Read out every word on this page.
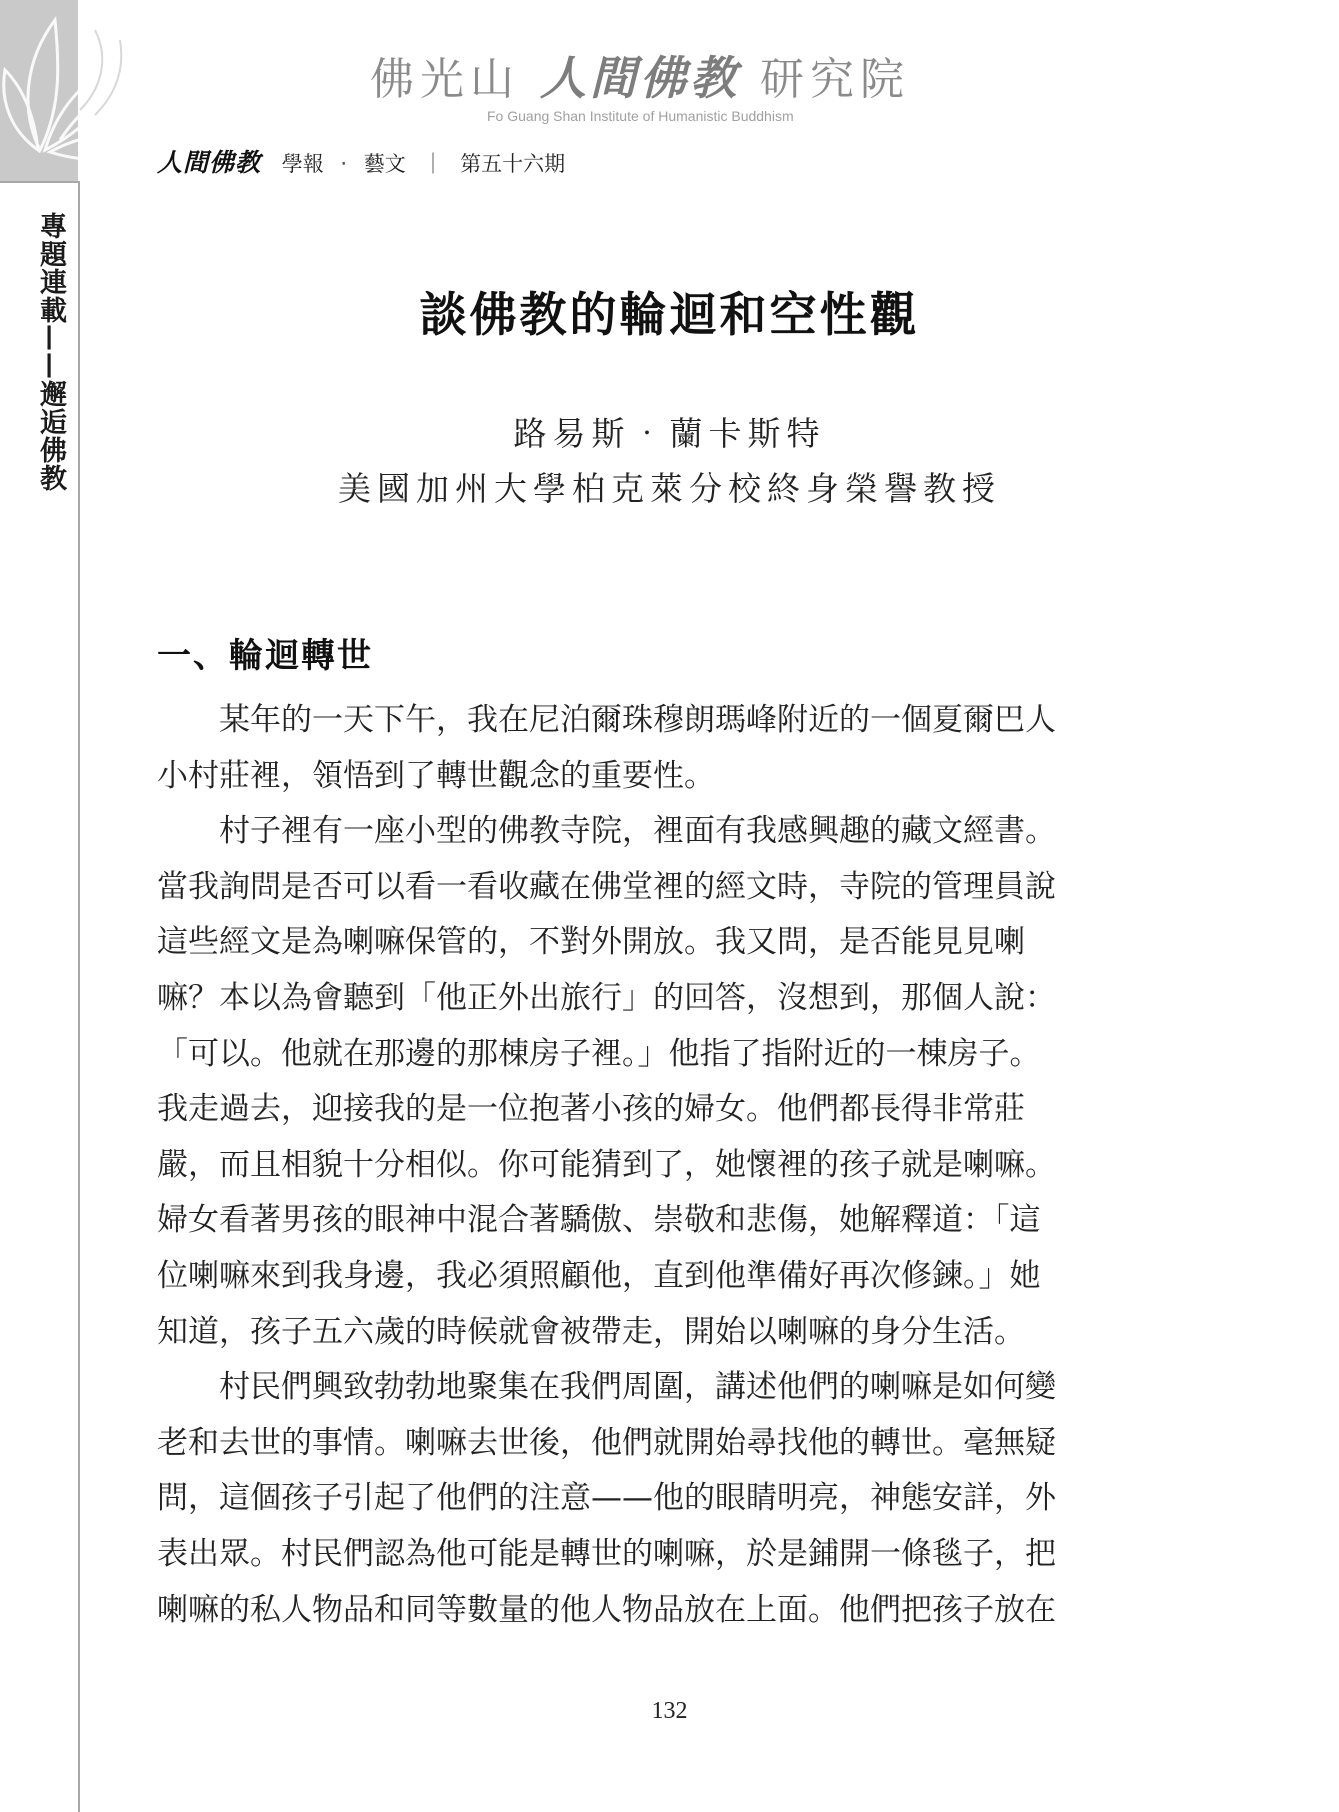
專題連載——邂逅佛教
佛光山 人間佛教 研究院
Fo Guang Shan Institute of Humanistic Buddhism
人間佛教 學報 ‧ 藝文 ｜ 第五十六期
談佛教的輪迴和空性觀
路易斯‧蘭卡斯特
美國加州大學柏克萊分校終身榮譽教授
一、輪迴轉世
某年的一天下午，我在尼泊爾珠穆朗瑪峰附近的一個夏爾巴人
小村莊裡，領悟到了轉世觀念的重要性。
村子裡有一座小型的佛教寺院，裡面有我感興趣的藏文經書。
當我詢問是否可以看一看收藏在佛堂裡的經文時，寺院的管理員說
這些經文是為喇嘛保管的，不對外開放。我又問，是否能見見喇
嘛？本以為會聽到「他正外出旅行」的回答，沒想到，那個人說：
「可以。他就在那邊的那棟房子裡。」他指了指附近的一棟房子。
我走過去，迎接我的是一位抱著小孩的婦女。他們都長得非常莊
嚴，而且相貌十分相似。你可能猜到了，她懷裡的孩子就是喇嘛。
婦女看著男孩的眼神中混合著驕傲、崇敬和悲傷，她解釋道：「這
位喇嘛來到我身邊，我必須照顧他，直到他準備好再次修鍊。」她
知道，孩子五六歲的時候就會被帶走，開始以喇嘛的身分生活。
村民們興致勃勃地聚集在我們周圍，講述他們的喇嘛是如何變
老和去世的事情。喇嘛去世後，他們就開始尋找他的轉世。毫無疑
問，這個孩子引起了他們的注意——他的眼睛明亮，神態安詳，外
表出眾。村民們認為他可能是轉世的喇嘛，於是鋪開一條毯子，把
喇嘛的私人物品和同等數量的他人物品放在上面。他們把孩子放在
132
